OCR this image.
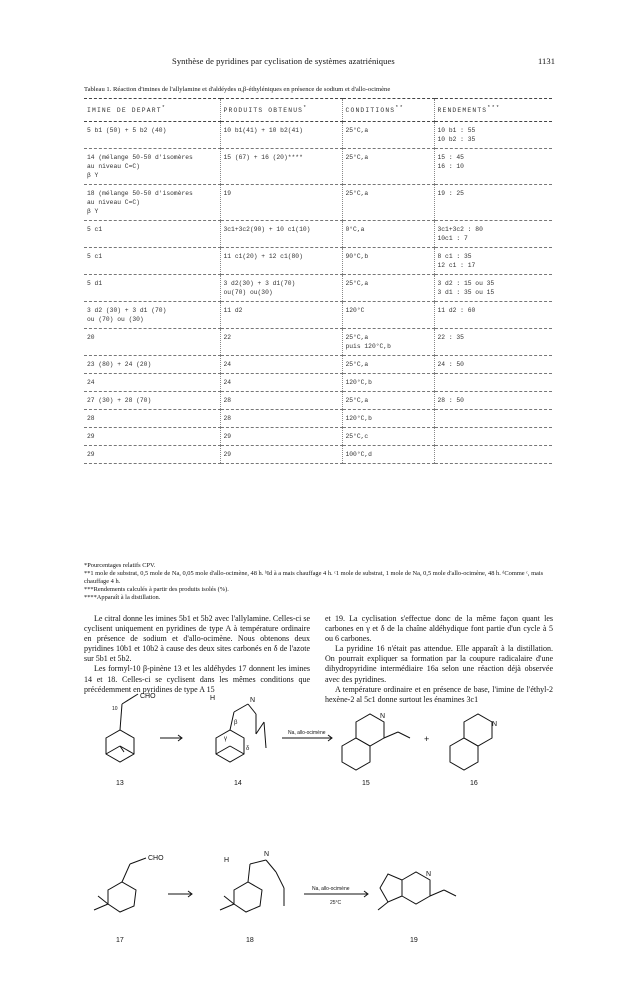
Synthèse de pyridines par cyclisation de systèmes azatriéniques	1131
Tableau 1. Réaction d'imines de l'allylamine et d'aldéydes α,β-éthyléniques en présence de sodium et d'allo-ocimène
IMINE DE DEPART*	PRODUITS OBTENUS*	CONDITIONS**	RENDEMENTS***

5 b1 (50) + 5 b2 (40)	10 b1(41) + 10 b2(41)	25°C,a	10 b1 : 55
10 b2 : 35

14 (mélange 50-50 d'isomères
au niveau C=C)
β Y	15 (67) + 16 (20)****	25°C,a	15 : 45
16 : 10

18 (mélange 50-50 d'isomères
au niveau C=C)
β Y	19	25°C,a	19 : 25

5 c1	3c1+3c2(90) + 10 c1(10)	0°C,a	3c1+3c2 : 80
10c1 : 7

5 c1	11 c1(20) + 12 c1(80)	90°C,b	8 c1 : 35
12 c1 : 17

5 d1	3 d2(30) + 3 d1(70)
ou(70) ou(30)	25°C,a	3 d2 : 15 ou 35
3 d1 : 35 ou 15

3 d2 (30) + 3 d1 (70)
ou (70) ou (30)	11 d2	120°C	11 d2 : 60

20	22	25°C,a
puis 120°C,b	22 : 35

23 (80) + 24 (20)	24	25°C,a	24 : 50

24	24	120°C,b	

27 (30) + 28 (70)	28	25°C,a	28 : 50

28	28	120°C,b	

29	29	25°C,c	

29	29	100°C,d	

*Pourcentages relatifs CPV.
**1 mole de substrat, 0,5 mole de Na, 0,05 mole d'allo-ocimène, 48 h. ᵇId à a mais chauffage 4 h. ᶜ1 mole de substrat, 1 mole de Na, 0,5 mole d'allo-ocimène, 48 h. ᵈComme ᶜ, mais chauffage 4 h.
***Rendements calculés à partir des produits isolés (%).
****Apparaît à la distillation.

Le citral donne les imines 5b1 et 5b2 avec l'allylamine. Celles-ci se cyclisent uniquement en pyridines de type A à température ordinaire en présence de sodium et d'allo-ocimène. Nous obtenons deux pyridines 10b1 et 10b2 à cause des deux sites carbonés en δ de l'azote sur 5b1 et 5b2.

Les formyl-10 β-pinène 13 et les aldéhydes 17 donnent les imines 14 et 18. Celles-ci se cyclisent dans les mêmes conditions que précédemment en pyridines de type A 15

et 19. La cyclisation s'effectue donc de la même façon quant les carbones en γ et δ de la chaîne aldéhydique font partie d'un cycle à 5 ou 6 carbones.

La pyridine 16 n'était pas attendue. Elle apparaît à la distillation. On pourrait expliquer sa formation par la coupure radicalaire d'une dihydropyridine intermédiaire 16a selon une réaction déjà observée avec des pyridines.

A température ordinaire et en présence de base, l'imine de l'éthyl-2 hexène-2 al 5c1 donne surtout les énamines 3c1

CHO
10
13
H	N
β
γ
δ
14
Na, allo-ocimène
N
15
+
N
16
CHO
17
H
N
18
Na, allo-ocimène
25°C
N
19
